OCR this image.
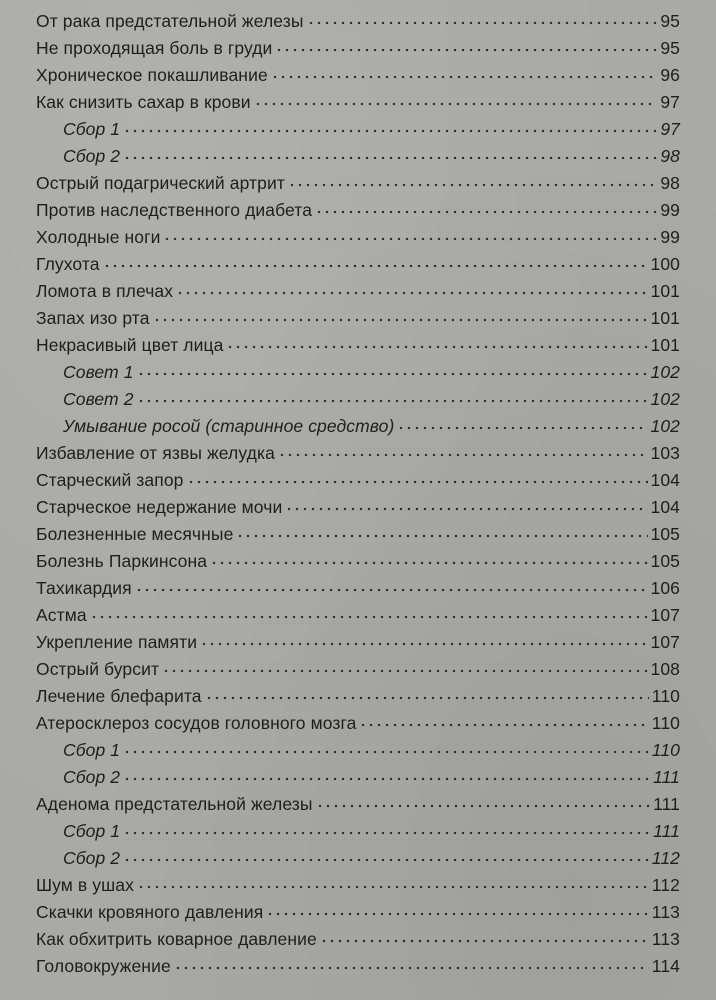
От рака предстательной железы	95
Не проходящая боль в груди	95
Хроническое покашливание	96
Как снизить сахар в крови	97
Сбор 1	97
Сбор 2	98
Острый подагрический артрит	98
Против наследственного диабета	99
Холодные ноги	99
Глухота	100
Ломота в плечах	101
Запах изо рта	101
Некрасивый цвет лица	101
Совет 1	102
Совет 2	102
Умывание росой (старинное средство)	102
Избавление от язвы желудка	103
Старческий запор	104
Старческое недержание мочи	104
Болезненные месячные	105
Болезнь Паркинсона	105
Тахикардия	106
Астма	107
Укрепление памяти	107
Острый бурсит	108
Лечение блефарита	110
Атеросклероз сосудов головного мозга	110
Сбор 1	110
Сбор 2	111
Аденома предстательной железы	111
Сбор 1	111
Сбор 2	112
Шум в ушах	112
Скачки кровяного давления	113
Как обхитрить коварное давление	113
Головокружение	114
